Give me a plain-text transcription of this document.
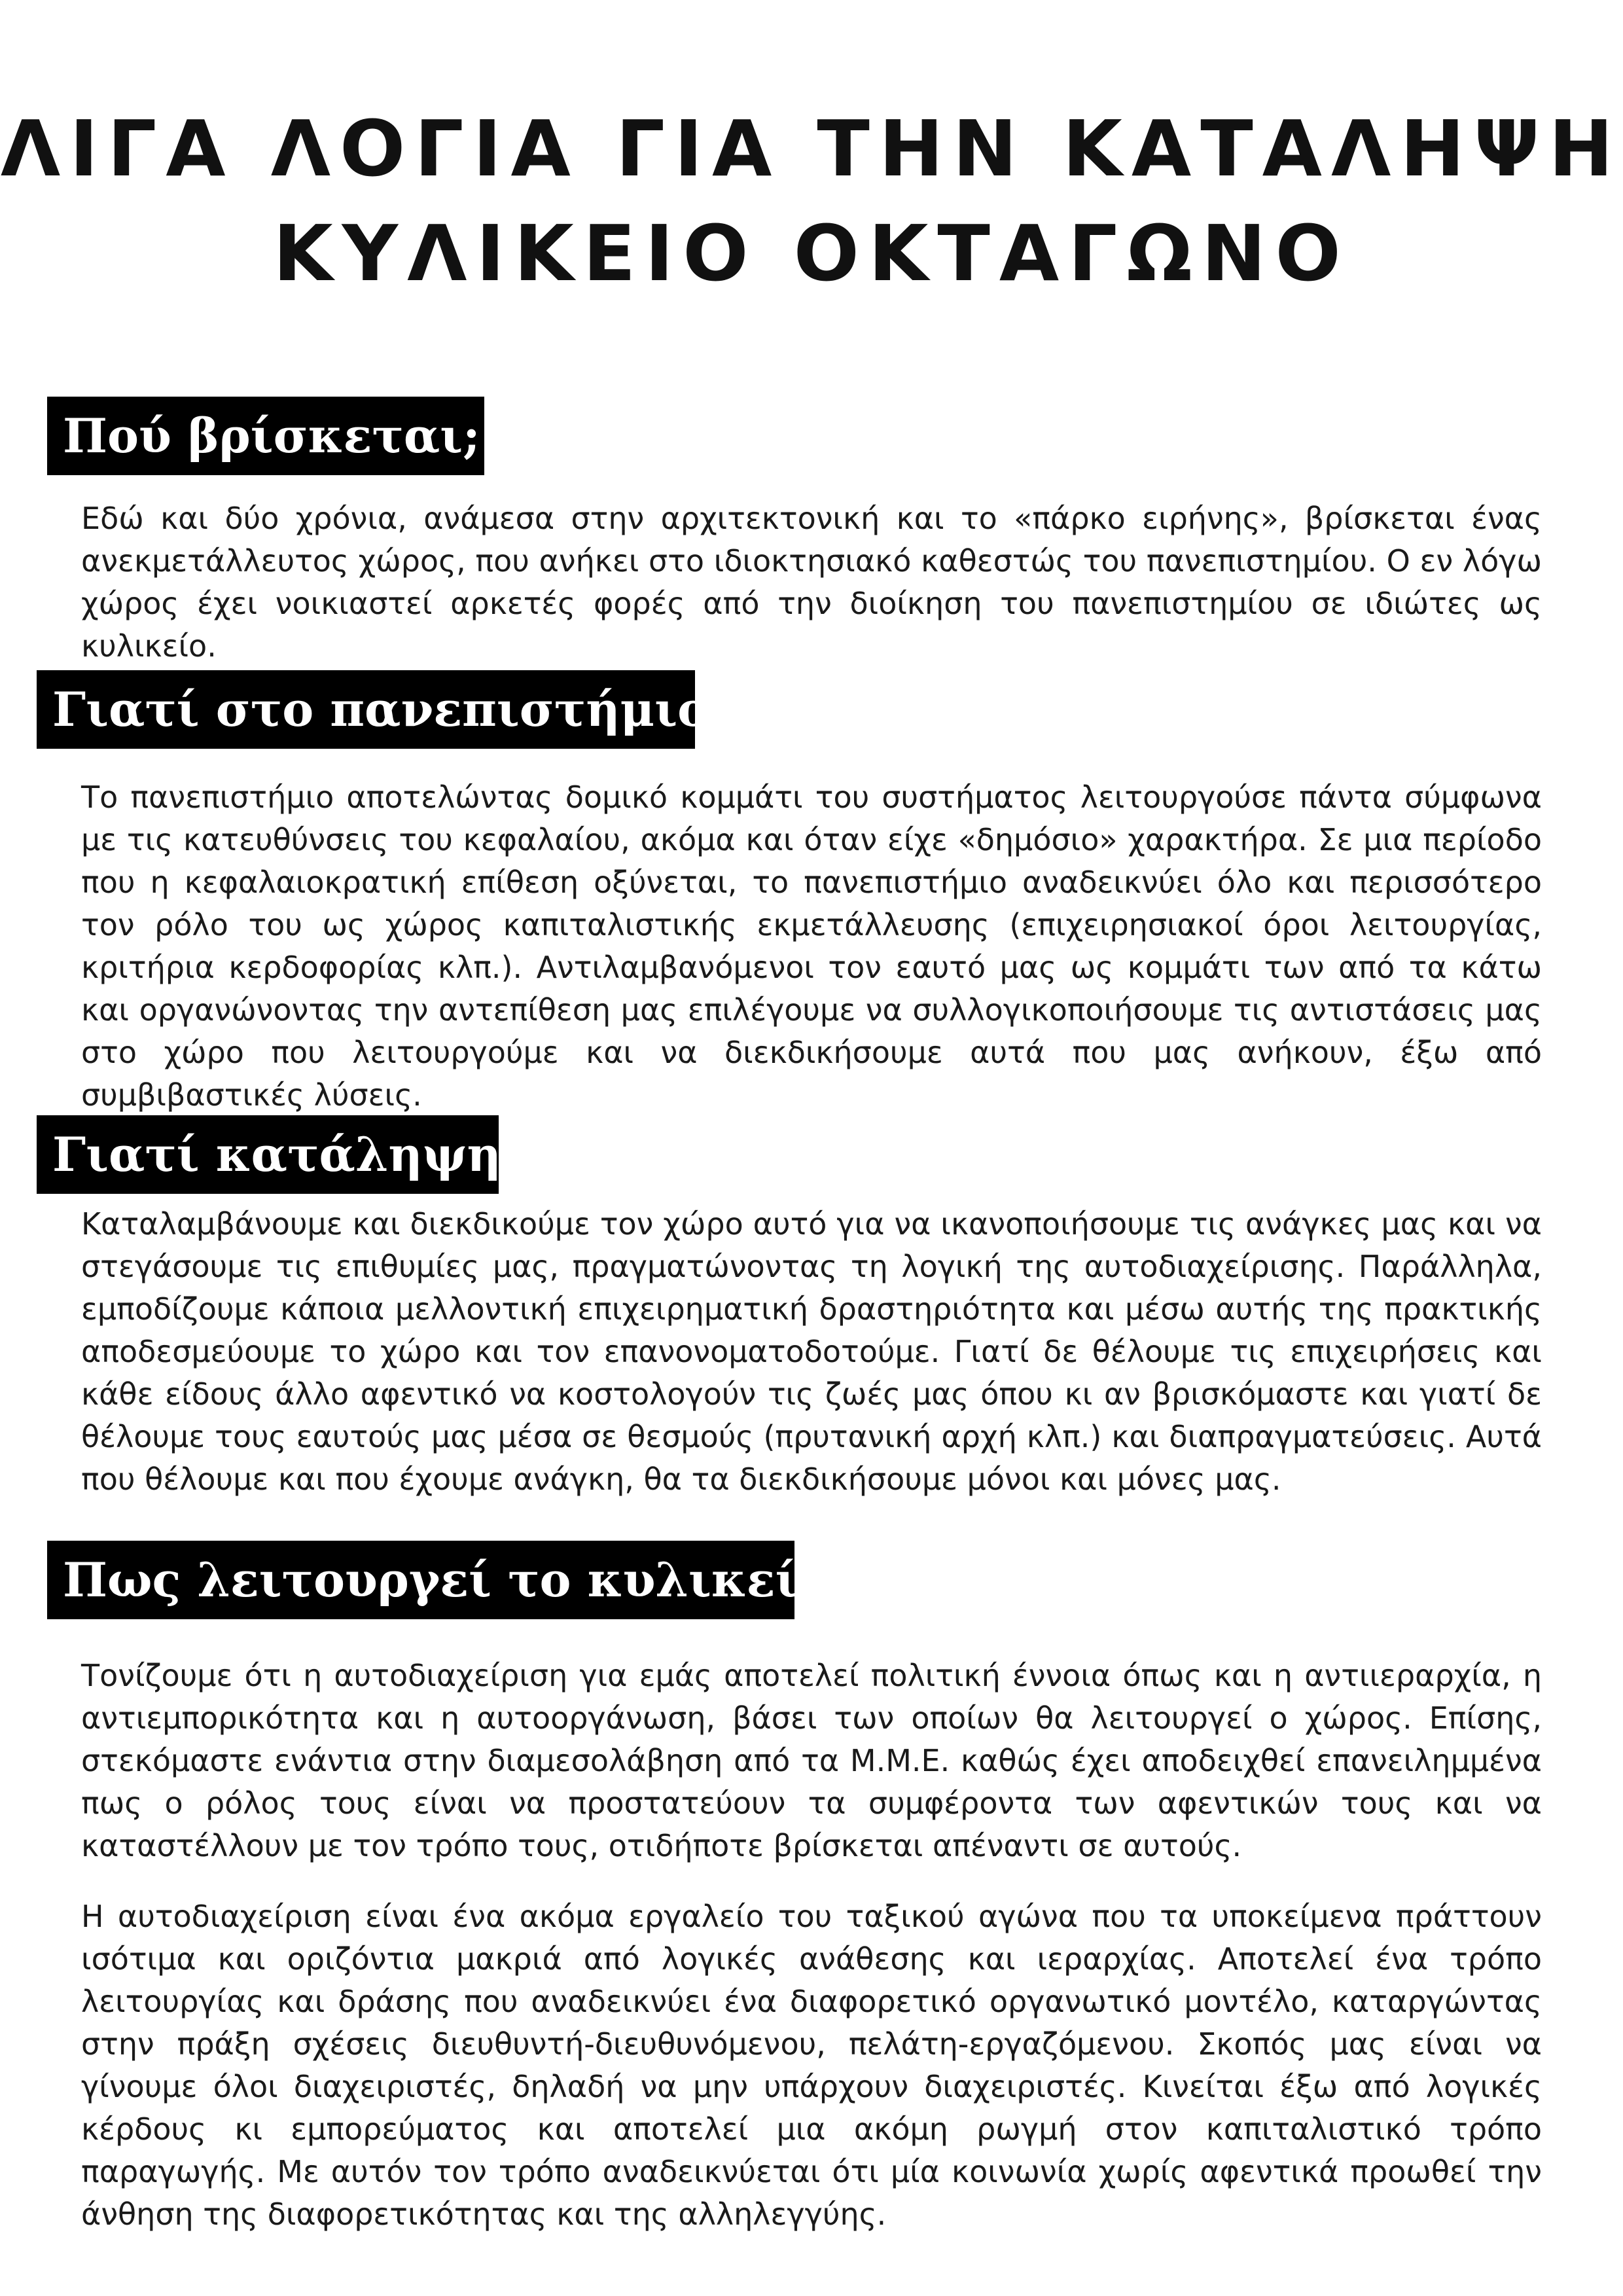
ΛΙΓΑ ΛΟΓΙΑ ΓΙΑ ΤΗΝ ΚΑΤΑΛΗΨΗ
ΚΥΛΙΚΕΙΟ ΟΚΤΑΓΩΝΟ
Πού βρίσκεται;

Εδώ και δύο χρόνια, ανάμεσα στην αρχιτεκτονική και το «πάρκο ειρήνης», βρίσκεται ένας ανεκμετάλλευτος χώρος, που ανήκει στο ιδιοκτησιακό καθεστώς του πανεπιστημίου. Ο εν λόγω χώρος έχει νοικιαστεί αρκετές φορές από την διοίκηση του πανεπιστημίου σε ιδιώτες ως κυλικείο.

Γιατί στο πανεπιστήμιο;

Το πανεπιστήμιο αποτελώντας δομικό κομμάτι του συστήματος λειτουργούσε πάντα σύμφωνα με τις κατευθύνσεις του κεφαλαίου, ακόμα και όταν είχε «δημόσιο» χαρακτήρα. Σε μια περίοδο που η κεφαλαιοκρατική επίθεση οξύνεται, το πανεπιστήμιο αναδεικνύει όλο και περισσότερο τον ρόλο του ως χώρος καπιταλιστικής εκμετάλλευσης (επιχειρησιακοί όροι λειτουργίας, κριτήρια κερδοφορίας κλπ.). Αντιλαμβανόμενοι τον εαυτό μας ως κομμάτι των από τα κάτω και οργανώνοντας την αντεπίθεση μας επιλέγουμε να συλλογικοποιήσουμε τις αντιστάσεις μας στο χώρο που λειτουργούμε και να διεκδικήσουμε αυτά που μας ανήκουν, έξω από συμβιβαστικές λύσεις.

Γιατί κατάληψη;

Καταλαμβάνουμε και διεκδικούμε τον χώρο αυτό για να ικανοποιήσουμε τις ανάγκες μας και να στεγάσουμε τις επιθυμίες μας, πραγματώνοντας τη λογική της αυτοδιαχείρισης. Παράλληλα, εμποδίζουμε κάποια μελλοντική επιχειρηματική δραστηριότητα και μέσω αυτής της πρακτικής αποδεσμεύουμε το χώρο και τον επανονοματοδοτούμε. Γιατί δε θέλουμε τις επιχειρήσεις και κάθε είδους άλλο αφεντικό να κοστολογούν τις ζωές μας όπου κι αν βρισκόμαστε και γιατί δε θέλουμε τους εαυτούς μας μέσα σε θεσμούς (πρυτανική αρχή κλπ.) και διαπραγματεύσεις. Αυτά που θέλουμε και που έχουμε ανάγκη, θα τα διεκδικήσουμε μόνοι και μόνες μας.

Πως λειτουργεί το κυλικείο;

Τονίζουμε ότι η αυτοδιαχείριση για εμάς αποτελεί πολιτική έννοια όπως και η αντιιεραρχία, η αντιεμπορικότητα και η αυτοοργάνωση, βάσει των οποίων θα λειτουργεί ο χώρος. Επίσης, στεκόμαστε ενάντια στην διαμεσολάβηση από τα Μ.Μ.Ε. καθώς έχει αποδειχθεί επανειλημμένα πως ο ρόλος τους είναι να προστατεύουν τα συμφέροντα των αφεντικών τους και να καταστέλλουν με τον τρόπο τους, οτιδήποτε βρίσκεται απέναντι σε αυτούς.

Η αυτοδιαχείριση είναι ένα ακόμα εργαλείο του ταξικού αγώνα που τα υποκείμενα πράττουν ισότιμα και οριζόντια μακριά από λογικές ανάθεσης και ιεραρχίας. Αποτελεί ένα τρόπο λειτουργίας και δράσης που αναδεικνύει ένα διαφορετικό οργανωτικό μοντέλο, καταργώντας στην πράξη σχέσεις διευθυντή-διευθυνόμενου, πελάτη-εργαζόμενου. Σκοπός μας είναι να γίνουμε όλοι διαχειριστές, δηλαδή να μην υπάρχουν διαχειριστές. Κινείται έξω από λογικές κέρδους κι εμπορεύματος και αποτελεί μια ακόμη ρωγμή στον καπιταλιστικό τρόπο παραγωγής. Με αυτόν τον τρόπο αναδεικνύεται ότι μία κοινωνία χωρίς αφεντικά προωθεί την άνθηση της διαφορετικότητας και της αλληλεγγύης.
